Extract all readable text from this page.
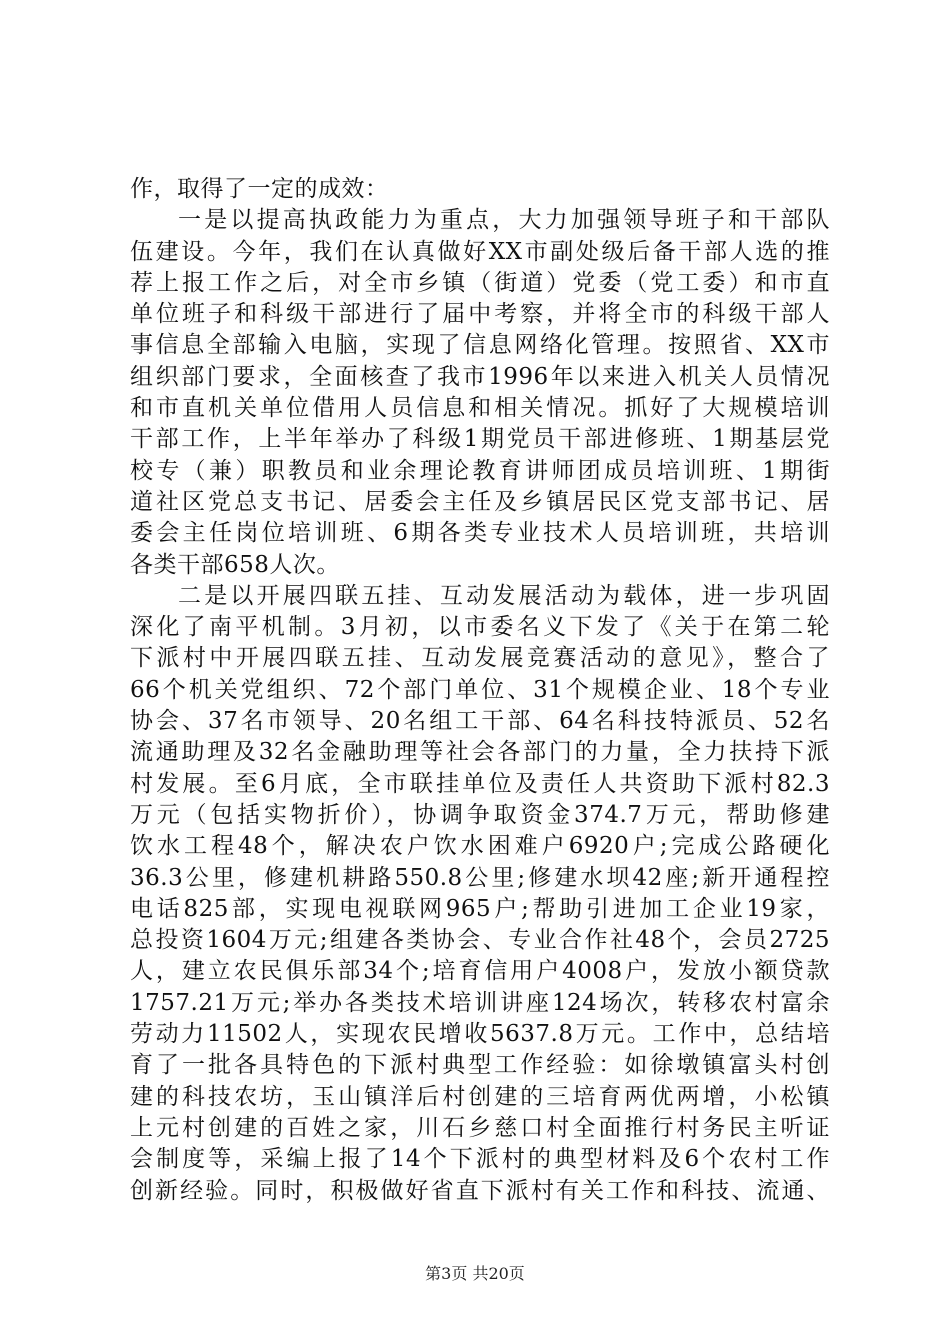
作，取得了一定的成效：
一是以提高执政能力为重点，大力加强领导班子和干部队
伍建设。今年，我们在认真做好XX市副处级后备干部人选的推
荐上报工作之后，对全市乡镇（街道）党委（党工委）和市直
单位班子和科级干部进行了届中考察，并将全市的科级干部人
事信息全部输入电脑，实现了信息网络化管理。按照省、XX市
组织部门要求，全面核查了我市1996年以来进入机关人员情况
和市直机关单位借用人员信息和相关情况。抓好了大规模培训
干部工作，上半年举办了科级1期党员干部进修班、1期基层党
校专（兼）职教员和业余理论教育讲师团成员培训班、1期街
道社区党总支书记、居委会主任及乡镇居民区党支部书记、居
委会主任岗位培训班、6期各类专业技术人员培训班，共培训
各类干部658人次。
二是以开展四联五挂、互动发展活动为载体，进一步巩固
深化了南平机制。3月初，以市委名义下发了《关于在第二轮
下派村中开展四联五挂、互动发展竞赛活动的意见》，整合了
66个机关党组织、72个部门单位、31个规模企业、18个专业
协会、37名市领导、20名组工干部、64名科技特派员、52名
流通助理及32名金融助理等社会各部门的力量，全力扶持下派
村发展。至6月底，全市联挂单位及责任人共资助下派村82.3
万元（包括实物折价），协调争取资金374.7万元，帮助修建
饮水工程48个，解决农户饮水困难户6920户;完成公路硬化
36.3公里，修建机耕路550.8公里;修建水坝42座;新开通程控
电话825部，实现电视联网965户;帮助引进加工企业19家，
总投资1604万元;组建各类协会、专业合作社48个，会员2725
人，建立农民俱乐部34个;培育信用户4008户，发放小额贷款
1757.21万元;举办各类技术培训讲座124场次，转移农村富余
劳动力11502人，实现农民增收5637.8万元。工作中，总结培
育了一批各具特色的下派村典型工作经验：如徐墩镇富头村创
建的科技农坊，玉山镇洋后村创建的三培育两优两增，小松镇
上元村创建的百姓之家，川石乡慈口村全面推行村务民主听证
会制度等，采编上报了14个下派村的典型材料及6个农村工作
创新经验。同时，积极做好省直下派村有关工作和科技、流通、
第3页 共20页
